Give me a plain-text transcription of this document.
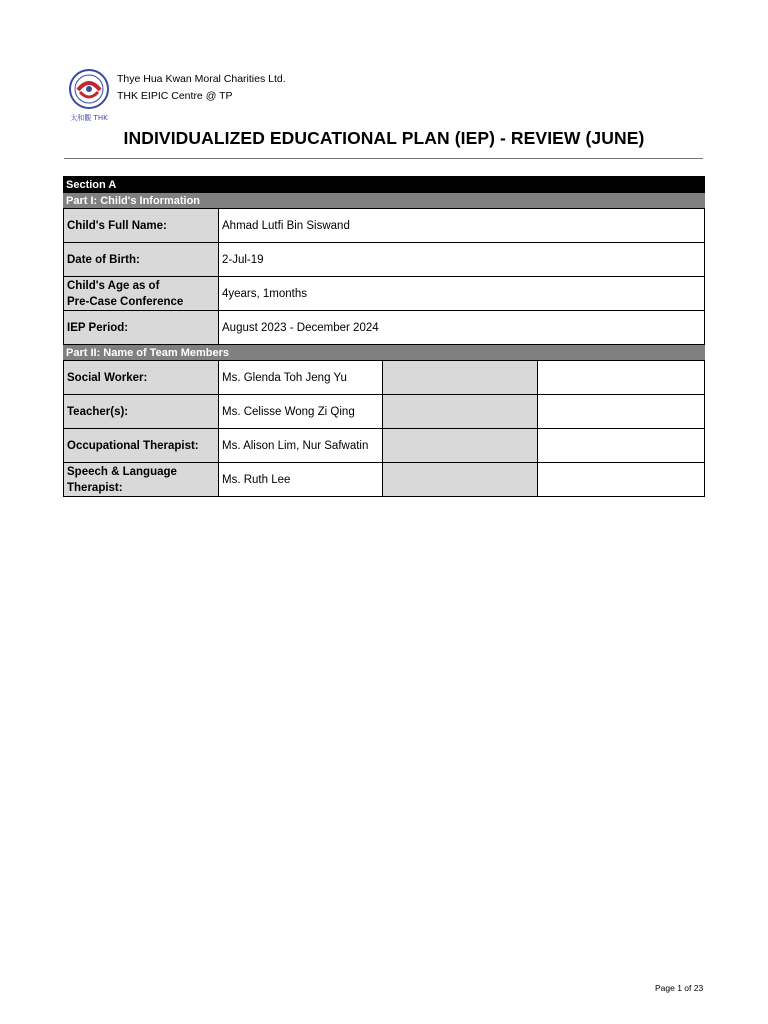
太和觀 THK
Thye Hua Kwan Moral Charities Ltd.
THK EIPIC Centre @ TP
INDIVIDUALIZED EDUCATIONAL PLAN (IEP) - REVIEW (JUNE)
Section A			
Part I: Child's Information			
Child's Full Name:	Ahmad Lutfi Bin Siswand		
Date of Birth:	2-Jul-19		

Child's Age as of
Pre-Case Conference	4years, 1months		
IEP Period:	August 2023 - December 2024		
Part II: Name of Team Members			
Social Worker:	Ms. Glenda Toh Jeng Yu		
Teacher(s):	Ms. Celisse Wong Zi Qing		
Occupational Therapist:	Ms. Alison Lim, Nur Safwatin		

Speech & Language
Therapist:	Ms. Ruth Lee		
Page 1 of 23
